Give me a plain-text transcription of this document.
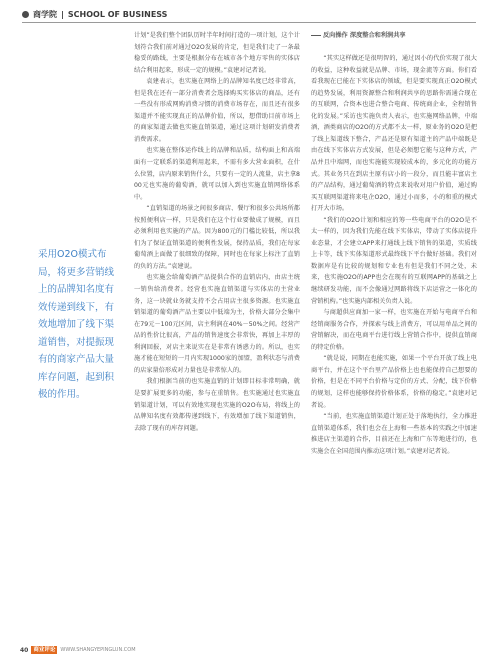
商学院 | SCHOOL OF BUSINESS
采用O2O模式布局，将更多营销线上的品牌知名度有效传递到线下，有效地增加了线下渠道销售，对提振现有的商家产品大量库存问题，起到积极的作用。

计划”是我们整个团队历时半年时间打造的一项计划，这个计划符合我们前对通过O2O发展的肯定，但是我们走了一条最稳妥的路线，主要是根据分布在城市各个地方零售的实体店结合利用起来，形成一定的规模。”袁建对记者说。

袁建表示，也实施在网络上的品牌知名度已经非常高，但是我在还有一部分消费者会选择购买实体店的商品，还有一些没有形成网购消费习惯的消费市场存在，而且还有很多渠道并不能实现真正的品牌价值，所以，想借助目前市场上的商家渠道去做也实施直销渠道，通过这项计划研发消费者消费需求。

也实施在整体运作线上的品牌和品质，结构面上和高端面有一定联系的渠道利用起来，不需有多大营业面积，在什么位置，店内原来销售什么，只要有一定的人流量，店主拿800元也实施的葡萄酒，就可以加入到也实施直销网络体系中。

“直销渠道的场景之间很多商店、餐厅和很多公共场所都按照便利店一样，只是我们在这个行业要做成了规模，而且必须利用也实施的产品。因为800元的门槛比较低，所以我们为了保证直销渠道的便利性发展，保持品质，我们在每家葡萄酒上面做了很细致的保障，同时也在每家上标注了直销的负的方法。”袁建说。

也实施会给葡萄酒产品提供合作的直销店内，由店主统一销售给消费者。经营也实施直销渠道与实体店的主营业务，这一块就业务就支持不会占用店主很多资源。也实施直销渠道的葡萄酒产品主要以中低端为主，价格大部分会集中在79元－100元区间，店主利润在40%－50%之间。经营产品的性价比很高，产品的销售速度会非常快，再加上丰厚的利润回报，对店主来说实在是非常有诱惑力的。所以，也实施才能在短短的一月内实现1000家的加盟，盈利状态与消费的店家量倍形成对力量也是非常惊人的。

我们根据当前的也实施直销的计划即目标非常明确，就是要扩展更多的功能，参与在重销售。也实施通过也实施直销渠道计划，可以有效地实现也实施的O2O布局，将线上的品牌知名度有效都传递到线下，有效增加了线下渠道销售，去除了现有的库存问题。

反向操作 深度整合和利润共享

“其实这样做还是很明智的，通过因小的代价实现了很大的收益，这种收益就是品牌、市场，现金流等方面。你们看看我现在已能在下实体店的领域，但是要实现真正O2O模式的趋势发展，利用资源整合和利润共享的思路你需通合现在的互联网，合资本也进合整合电商、传统商企业，全程销售化的发展。”采访也实施负责人表示，也实施网络品牌，中端酒，酒类商店的O2O的方式都不太一样，原业务的O2O是把了线上渠道线下整合，产品还是原有渠道主的产品中端既是由在线下实体店方式发展，但是必须想它能与这种方式，产品并且中端网，而也实施能实现较成本的，多元化的功能方式。其业务只在到店主原有店小的一段分，而且能丰富店主的产品结构，通过葡萄酒的特点来说收对用户价值，通过购买互联网渠道将来电企O2O，通过小而多，小的和重的模式打开大市场。

“我们的O2O计划和相应的筹一些电商平台的O2O是不太一样的，因为我们先能在线下实体店，带动了实体店提升业态量，才会建立APP来打通线上线下销售的渠道，实质线上卡等，线下实体渠道形式最终线下平台做好基础。我们对数据库是有比较的规划和专业也有但是我们不同之处，未来，也实施O2O的APP也会在现有的互联网APP的基础之上继续研发功能，而不会像通过网路将线下店运营之一体化的营销机构。”也实施内部相关负责人说。

与商超供应商加一家一样，也实施在开始与电商平台和经销商服务合作，并探索与线上消费方，可以用单品之间的营销解决，而在电商平台进行线上营销合作中，提供直销商的特定价格。

“就是说，同期在也能实施，如果一个平台开放了线上电商平台，并在这个平台里产品价格上也也能保持自己想要的价格，但是在不同平台价格与定价的方式、分配，线下价格的规划，这样也能够保持价格体系，价格的稳定。”袁建对记者说。

“当前，也实施直销渠道计划正处于落地执行，全力推进直销渠道体系，我们也会在上海和一些基本的实践之中加速推进店主渠道的合作，目前还在上海和广东等地进行的，也实施会在全国范围内推动这项计划。”袁建对记者说。

40 商业评论	WWW.SHANGYEPINGLUN.COM
